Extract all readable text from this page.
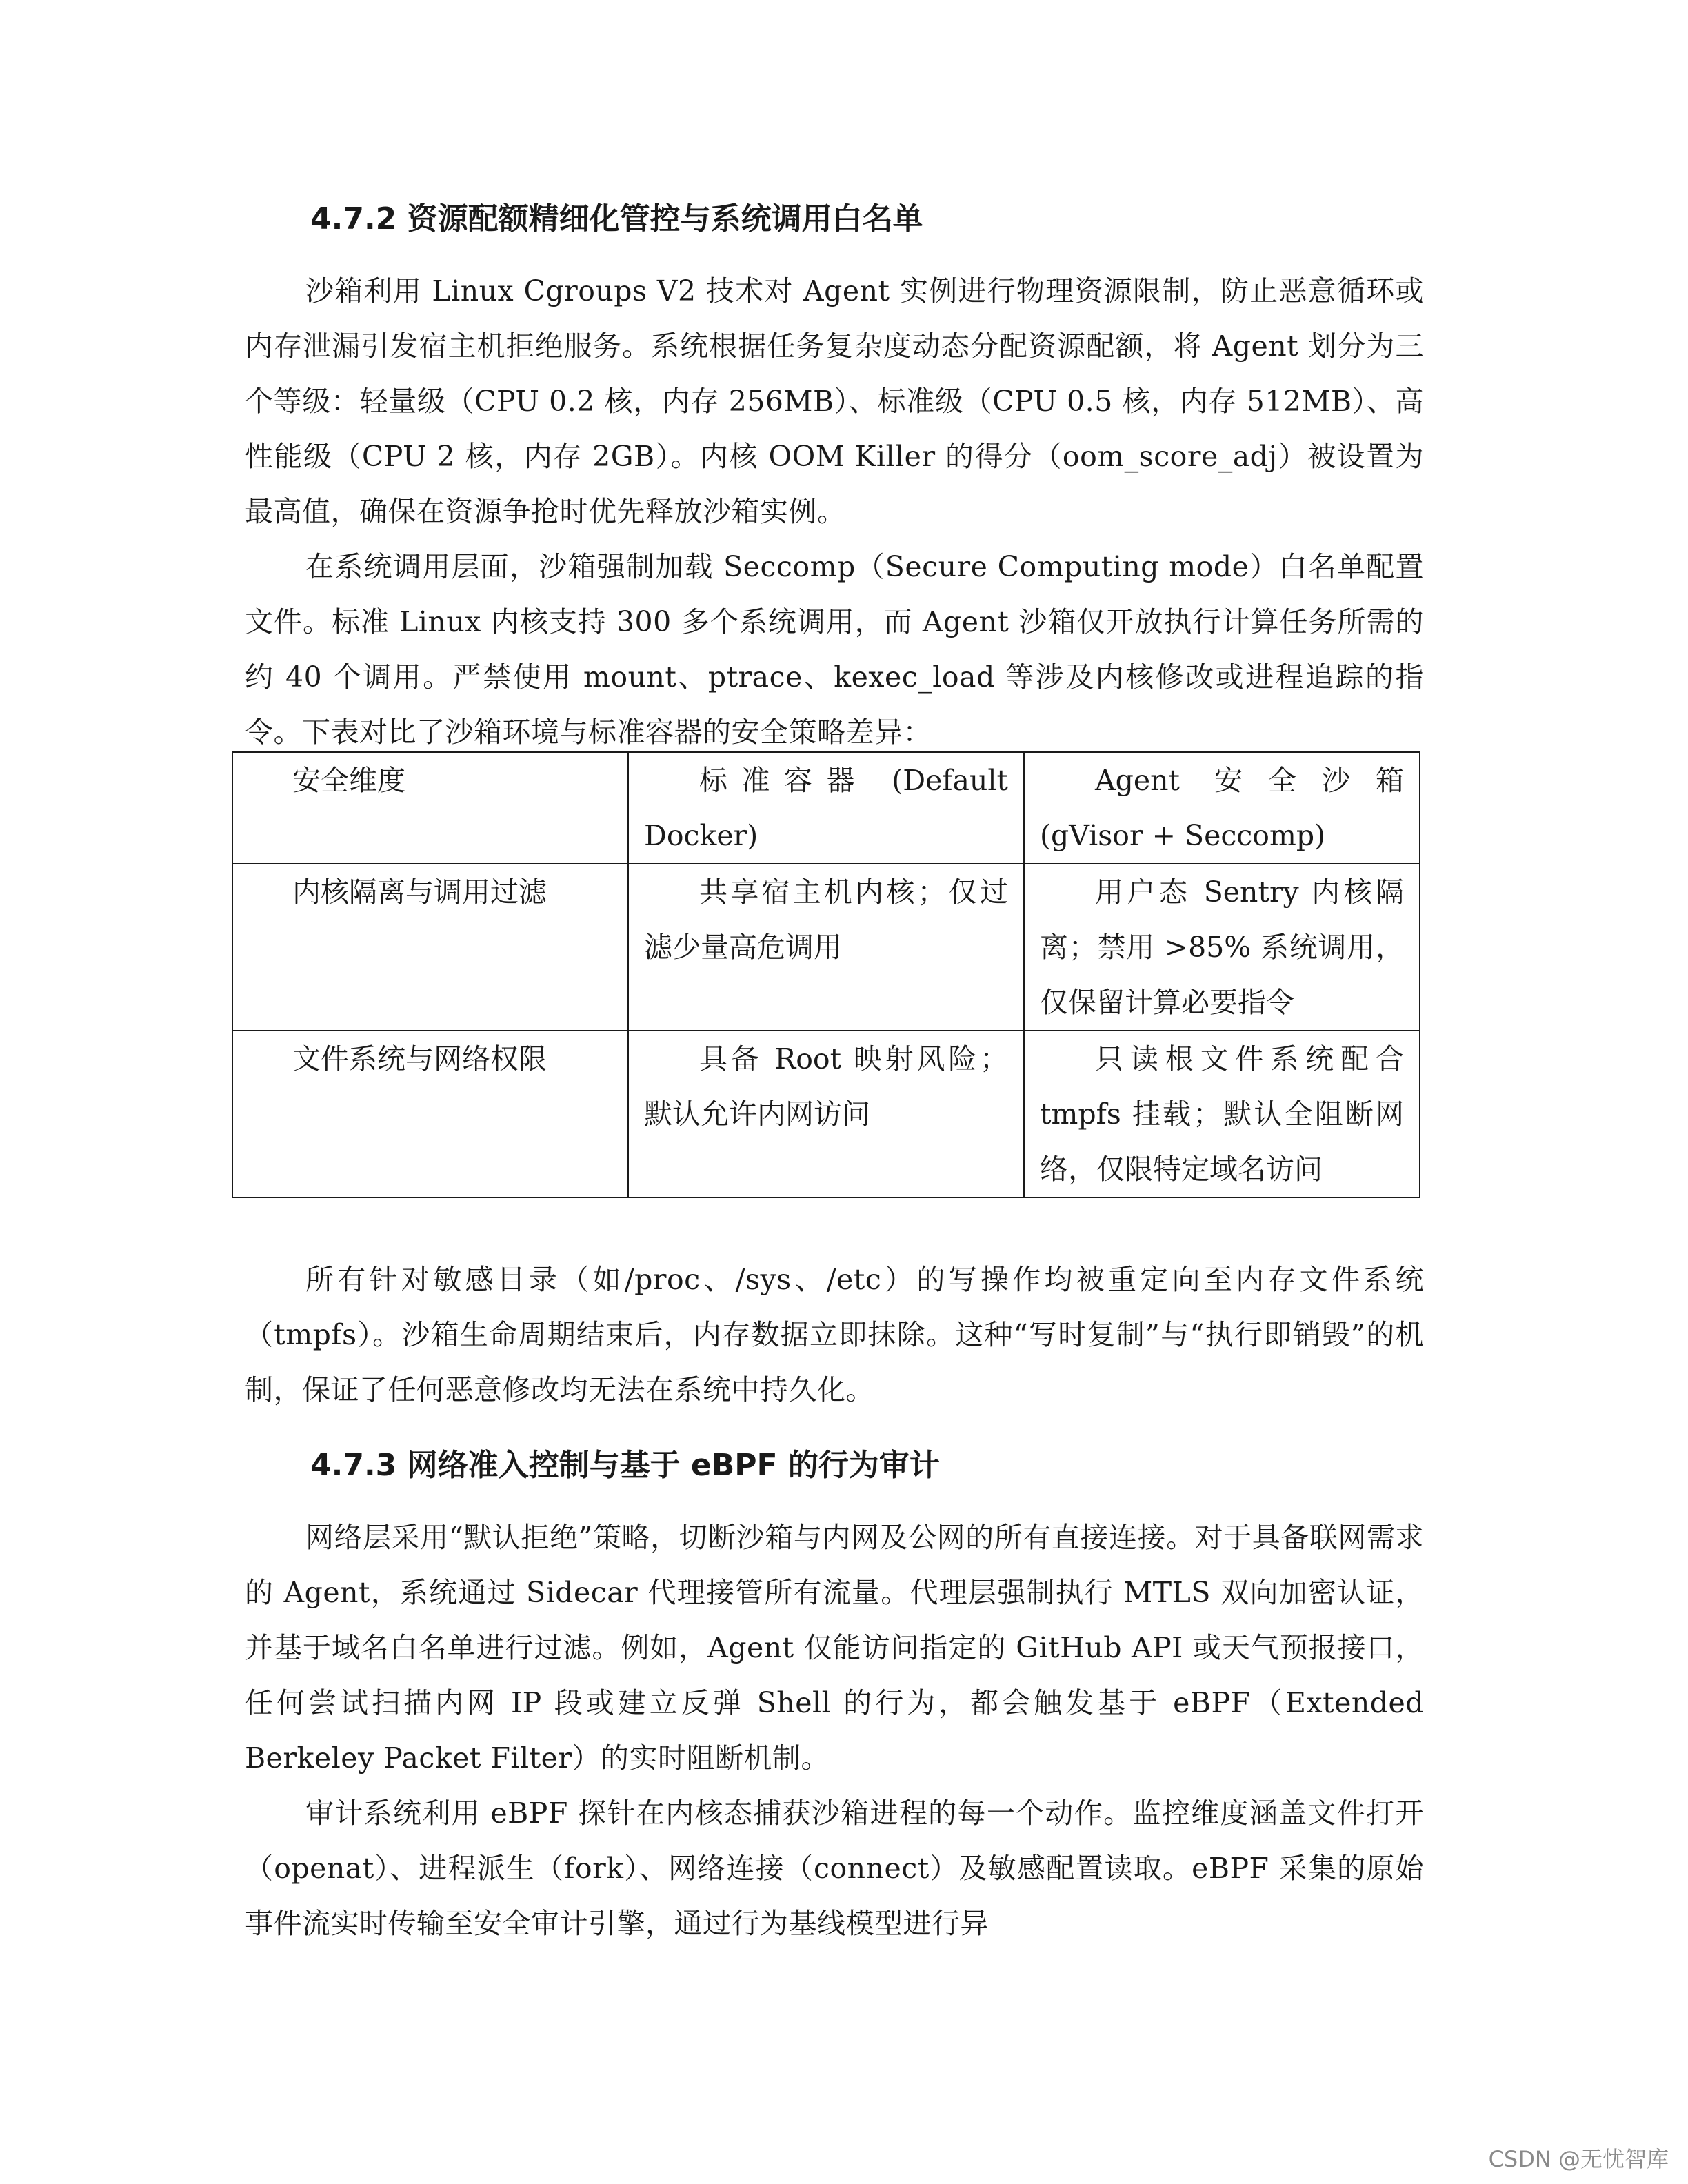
4.7.2 资源配额精细化管控与系统调用白名单

沙箱利用 Linux Cgroups V2 技术对 Agent 实例进行物理资源限制，防止恶意循环或内存泄漏引发宿主机拒绝服务。系统根据任务复杂度动态分配资源配额，将 Agent 划分为三个等级：轻量级（CPU 0.2 核，内存 256MB）、标准级（CPU 0.5 核，内存 512MB）、高性能级（CPU 2 核，内存 2GB）。内核 OOM Killer 的得分（oom_score_adj）被设置为最高值，确保在资源争抢时优先释放沙箱实例。

在系统调用层面，沙箱强制加载 Seccomp（Secure Computing mode）白名单配置文件。标准 Linux 内核支持 300 多个系统调用，而 Agent 沙箱仅开放执行计算任务所需的约 40 个调用。严禁使用 mount、ptrace、kexec_load 等涉及内核修改或进程追踪的指令。下表对比了沙箱环境与标准容器的安全策略差异：

安全维度	标准容器 (Default Docker)	Agent 安全沙箱 (gVisor + Seccomp)
内核隔离与调用过滤	共享宿主机内核；仅过滤少量高危调用	用户态 Sentry 内核隔离；禁用 >85% 系统调用，仅保留计算必要指令
文件系统与网络权限	具备 Root 映射风险；默认允许内网访问	只读根文件系统配合 tmpfs 挂载；默认全阻断网络，仅限特定域名访问

所有针对敏感目录（如/proc、/sys、/etc）的写操作均被重定向至内存文件系统（tmpfs）。沙箱生命周期结束后，内存数据立即抹除。这种“写时复制”与“执行即销毁”的机制，保证了任何恶意修改均无法在系统中持久化。

4.7.3 网络准入控制与基于 eBPF 的行为审计

网络层采用“默认拒绝”策略，切断沙箱与内网及公网的所有直接连接。对于具备联网需求的 Agent，系统通过 Sidecar 代理接管所有流量。代理层强制执行 MTLS 双向加密认证，并基于域名白名单进行过滤。例如，Agent 仅能访问指定的 GitHub API 或天气预报接口，任何尝试扫描内网 IP 段或建立反弹 Shell 的行为，都会触发基于 eBPF（Extended Berkeley Packet Filter）的实时阻断机制。

审计系统利用 eBPF 探针在内核态捕获沙箱进程的每一个动作。监控维度涵盖文件打开（openat）、进程派生（fork）、网络连接（connect）及敏感配置读取。eBPF 采集的原始事件流实时传输至安全审计引擎，通过行为基线模型进行异

CSDN @无忧智库
